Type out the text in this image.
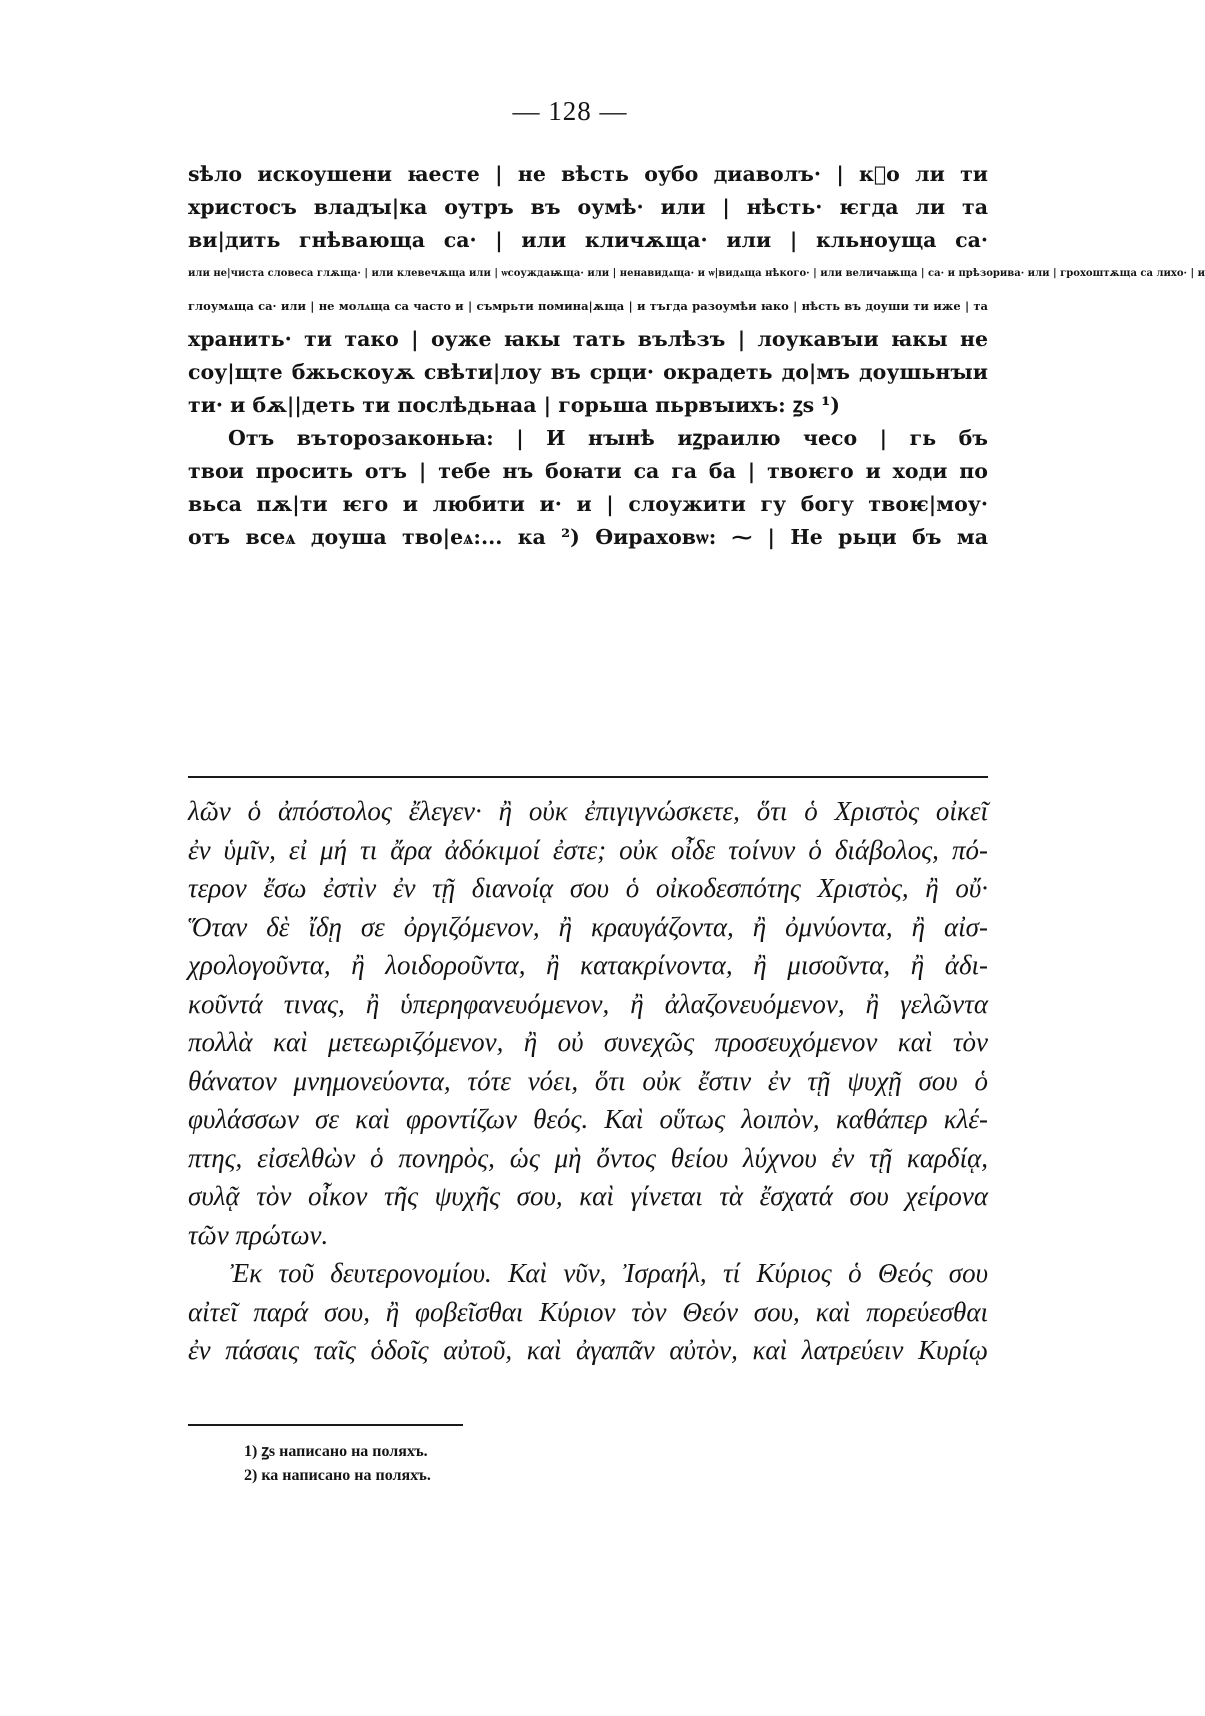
— 128 —
ѕѣло искоушени ꙗесте | не вѣсть оубо диаволъ· | кⷮо ли ти
христосъ владꙑ|ка оутръ въ оумѣ· или | нѣсть· ѥгда ли та
ви|дить гнѣвающа са· | или кличѫща· или | кльноуща са·
или не|чиста словеса глѫща· | или клевечѫща или | ѡсоуждаѭща· или | ненавидѧща· и ѡ|видѧща нѣкого· | или величаѭща | са· и прѣзорива· или | грохоштѫща са лихо· | и
глоумѧща са· или | не молѧща са часто и | съмрьти помина|ѫща | и тъгда разоумѣи ꙗко | нѣсть въ доуши ти иже | та
хранить· ти тако | оуже ꙗкы тать вълѣзъ | лоукавꙑи ꙗкы не
соу|щте бжьскоуѫ свѣти|лоу въ срци· окрадеть до|мъ доушьнꙑи
ти· и бѫ||деть ти послѣдьнаа | горьша пьрвꙑихъ: ꙁѕ ¹)
Отъ въторозаконьꙗ: | И нꙑнѣ иꙁраилю чесо | гь бъ
твои просить отъ | тебе нъ боꙗти са га ба | твоѥго и ходи по
вьса пѫ|ти ѥго и любити и· и | слоужити гу богу твоѥ|моу·
отъ всеѧ доуша тво|еѧ:... ка ²) Ѳираховѡ: ⁓ | Не рьци бъ ма
λῶν ὁ ἀπόστολος ἔλεγεν· ἢ οὐκ ἐπιγιγνώσκετε, ὅτι ὁ Χριστὸς οἰκεῖ
ἐν ὑμῖν, εἰ μή τι ἄρα ἀδόκιμοί ἐστε; οὐκ οἶδε τοίνυν ὁ διάβολος, πό-
τερον ἔσω ἐστὶν ἐν τῇ διανοίᾳ σου ὁ οἰκοδεσπότης Χριστὸς, ἢ οὔ·
Ὅταν δὲ ἴδῃ σε ὀργιζόμενον, ἢ κραυγάζοντα, ἢ ὀμνύοντα, ἢ αἰσ-
χρολογοῦντα, ἢ λοιδοροῦντα, ἢ κατακρίνοντα, ἢ μισοῦντα, ἢ ἀδι-
κοῦντά τινας, ἢ ὑπερηφανευόμενον, ἢ ἀλαζονευόμενον, ἢ γελῶντα
πολλὰ καὶ μετεωριζόμενον, ἢ οὐ συνεχῶς προσευχόμενον καὶ τὸν
θάνατον μνημονεύοντα, τότε νόει, ὅτι οὐκ ἔστιν ἐν τῇ ψυχῇ σου ὁ
φυλάσσων σε καὶ φροντίζων θεός. Καὶ οὕτως λοιπὸν, καθάπερ κλέ-
πτης, εἰσελθὼν ὁ πονηρὸς, ὡς μὴ ὄντος θείου λύχνου ἐν τῇ καρδίᾳ,
συλᾷ τὸν οἶκον τῆς ψυχῆς σου, καὶ γίνεται τὰ ἔσχατά σου χείρονα
τῶν πρώτων.
Ἐκ τοῦ δευτερονομίου. Καὶ νῦν, Ἰσραήλ, τί Κύριος ὁ Θεός σου
αἰτεῖ παρά σου, ἢ φοβεῖσθαι Κύριον τὸν Θεόν σου, καὶ πορεύεσθαι
ἐν πάσαις ταῖς ὁδοῖς αὐτοῦ, καὶ ἀγαπᾶν αὐτὸν, καὶ λατρεύειν Κυρίῳ
1) ꙁѕ написано на поляхъ.
2) ка написано на поляхъ.
